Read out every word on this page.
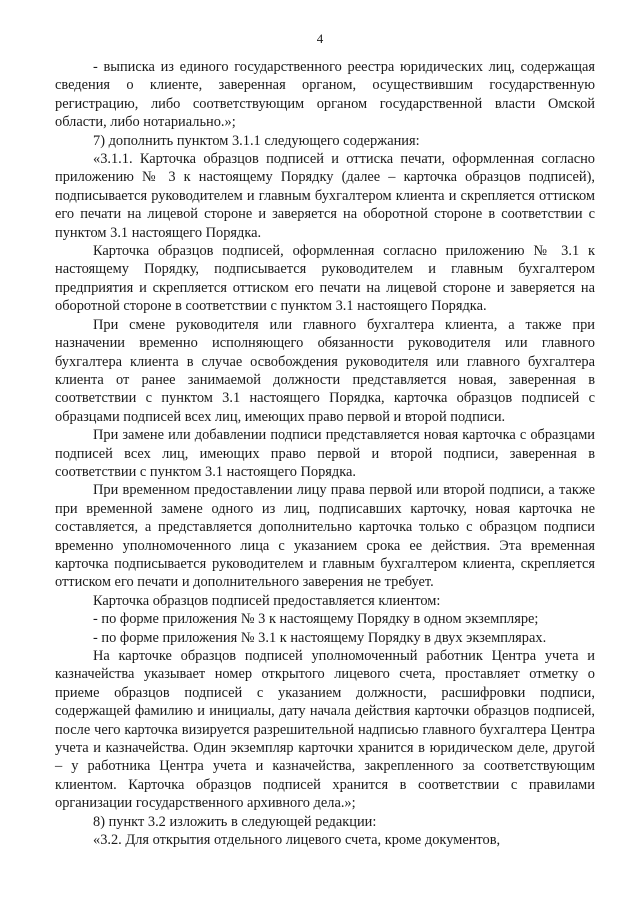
4

- выписка из единого государственного реестра юридических лиц, содержащая сведения о клиенте, заверенная органом, осуществившим государственную регистрацию, либо соответствующим органом государственной власти Омской области, либо нотариально.»;

7) дополнить пунктом 3.1.1 следующего содержания:

«3.1.1. Карточка образцов подписей и оттиска печати, оформленная согласно приложению № 3 к настоящему Порядку (далее – карточка образцов подписей), подписывается руководителем и главным бухгалтером клиента и скрепляется оттиском его печати на лицевой стороне и заверяется на оборотной стороне в соответствии с пунктом 3.1 настоящего Порядка.

Карточка образцов подписей, оформленная согласно приложению № 3.1 к настоящему Порядку, подписывается руководителем и главным бухгалтером предприятия и скрепляется оттиском его печати на лицевой стороне и заверяется на оборотной стороне в соответствии с пунктом 3.1 настоящего Порядка.

При смене руководителя или главного бухгалтера клиента, а также при назначении временно исполняющего обязанности руководителя или главного бухгалтера клиента в случае освобождения руководителя или главного бухгалтера клиента от ранее занимаемой должности представляется новая, заверенная в соответствии с пунктом 3.1 настоящего Порядка, карточка образцов подписей с образцами подписей всех лиц, имеющих право первой и второй подписи.

При замене или добавлении подписи представляется новая карточка с образцами подписей всех лиц, имеющих право первой и второй подписи, заверенная в соответствии с пунктом 3.1 настоящего Порядка.

При временном предоставлении лицу права первой или второй подписи, а также при временной замене одного из лиц, подписавших карточку, новая карточка не составляется, а представляется дополнительно карточка только с образцом подписи временно уполномоченного лица с указанием срока ее действия. Эта временная карточка подписывается руководителем и главным бухгалтером клиента, скрепляется оттиском его печати и дополнительного заверения не требует.

Карточка образцов подписей предоставляется клиентом:

- по форме приложения № 3 к настоящему Порядку в одном экземпляре;

- по форме приложения № 3.1 к настоящему Порядку в двух экземплярах.

На карточке образцов подписей уполномоченный работник Центра учета и казначейства указывает номер открытого лицевого счета, проставляет отметку о приеме образцов подписей с указанием должности, расшифровки подписи, содержащей фамилию и инициалы, дату начала действия карточки образцов подписей, после чего карточка визируется разрешительной надписью главного бухгалтера Центра учета и казначейства. Один экземпляр карточки хранится в юридическом деле, другой – у работника Центра учета и казначейства, закрепленного за соответствующим клиентом. Карточка образцов подписей хранится в соответствии с правилами организации государственного архивного дела.»;

8) пункт 3.2 изложить в следующей редакции:

«3.2. Для открытия отдельного лицевого счета, кроме документов,
